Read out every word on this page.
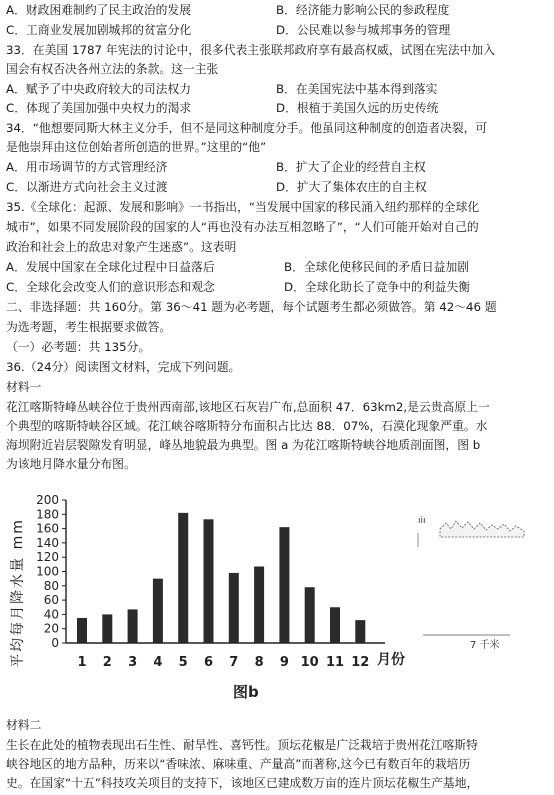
A．财政困难制约了民主政治的发展	B．经济能力影响公民的参政程度
C．工商业发展加剧城邦的贫富分化	D．公民难以参与城邦事务的管理
33．在美国 1787 年宪法的讨论中，很多代表主张联邦政府享有最高权威，试图在宪法中加入
国会有权否决各州立法的条款。这一主张
A．赋予了中央政府较大的司法权力	B．在美国宪法中基本得到落实
C．体现了美国加强中央权力的渴求	D．根植于美国久远的历史传统
34．“他想要同斯大林主义分手，但不是同这种制度分手。他虽同这种制度的创造者决裂，可
是他崇拜由这位创始者所创造的世界。”这里的“他”
A．用市场调节的方式管理经济	B．扩大了企业的经营自主权
C．以渐进方式向社会主义过渡	D．扩大了集体农庄的自主权
35.《全球化：起源、发展和影响》一书指出，“当发展中国家的移民涌入纽约那样的全球化
城市”，如果不同发展阶段的国家的人“再也没有办法互相忽略了”，“人们可能开始对自己的
政治和社会上的敌忠对象产生迷惑”。这表明
A．发展中国家在全球化过程中日益落后	B．全球化使移民间的矛盾日益加剧
C．全球化会改变人们的意识形态和观念	D．全球化助长了竞争中的利益失衡
二、非选择题：共 160分。第 36～41 题为必考题，每个试题考生都必须做答。第 42～46 题
为选考题，考生根据要求做答。
（一）必考题：共 135分。
36.（24分）阅读图文材料，完成下列问题。
材料一
花江喀斯特峰丛峡谷位于贵州西南部,该地区石灰岩广布,总面积 47．63km2,是云贵高原上一
个典型的喀斯特峡谷区域。花江峡谷喀斯特分布面积占比达 88．07%，石漠化现象严重。水
海坝附近岩层裂隙发育明显，峰丛地貌最为典型。图 a 为花江喀斯特峡谷地质剖面图，图 b
为该地月降水量分布图。
平均每月降水量 mm 0
20
40
60
80
100
120
140
160
180
200
1 2 3 4 5 6 7 8 9 10 11 12 月份
图b
ıiı
7 千米
材料二
生长在此处的植物表现出石生性、耐旱性、喜钙性。顶坛花椒是广泛栽培于贵州花江喀斯特
峡谷地区的地方品种，历来以“香味浓、麻味重、产量高”而著称,这今已有数百年的栽培历
史。在国家“十五”科技攻关项目的支持下，该地区已建成数万亩的连片顶坛花椒生产基地，
